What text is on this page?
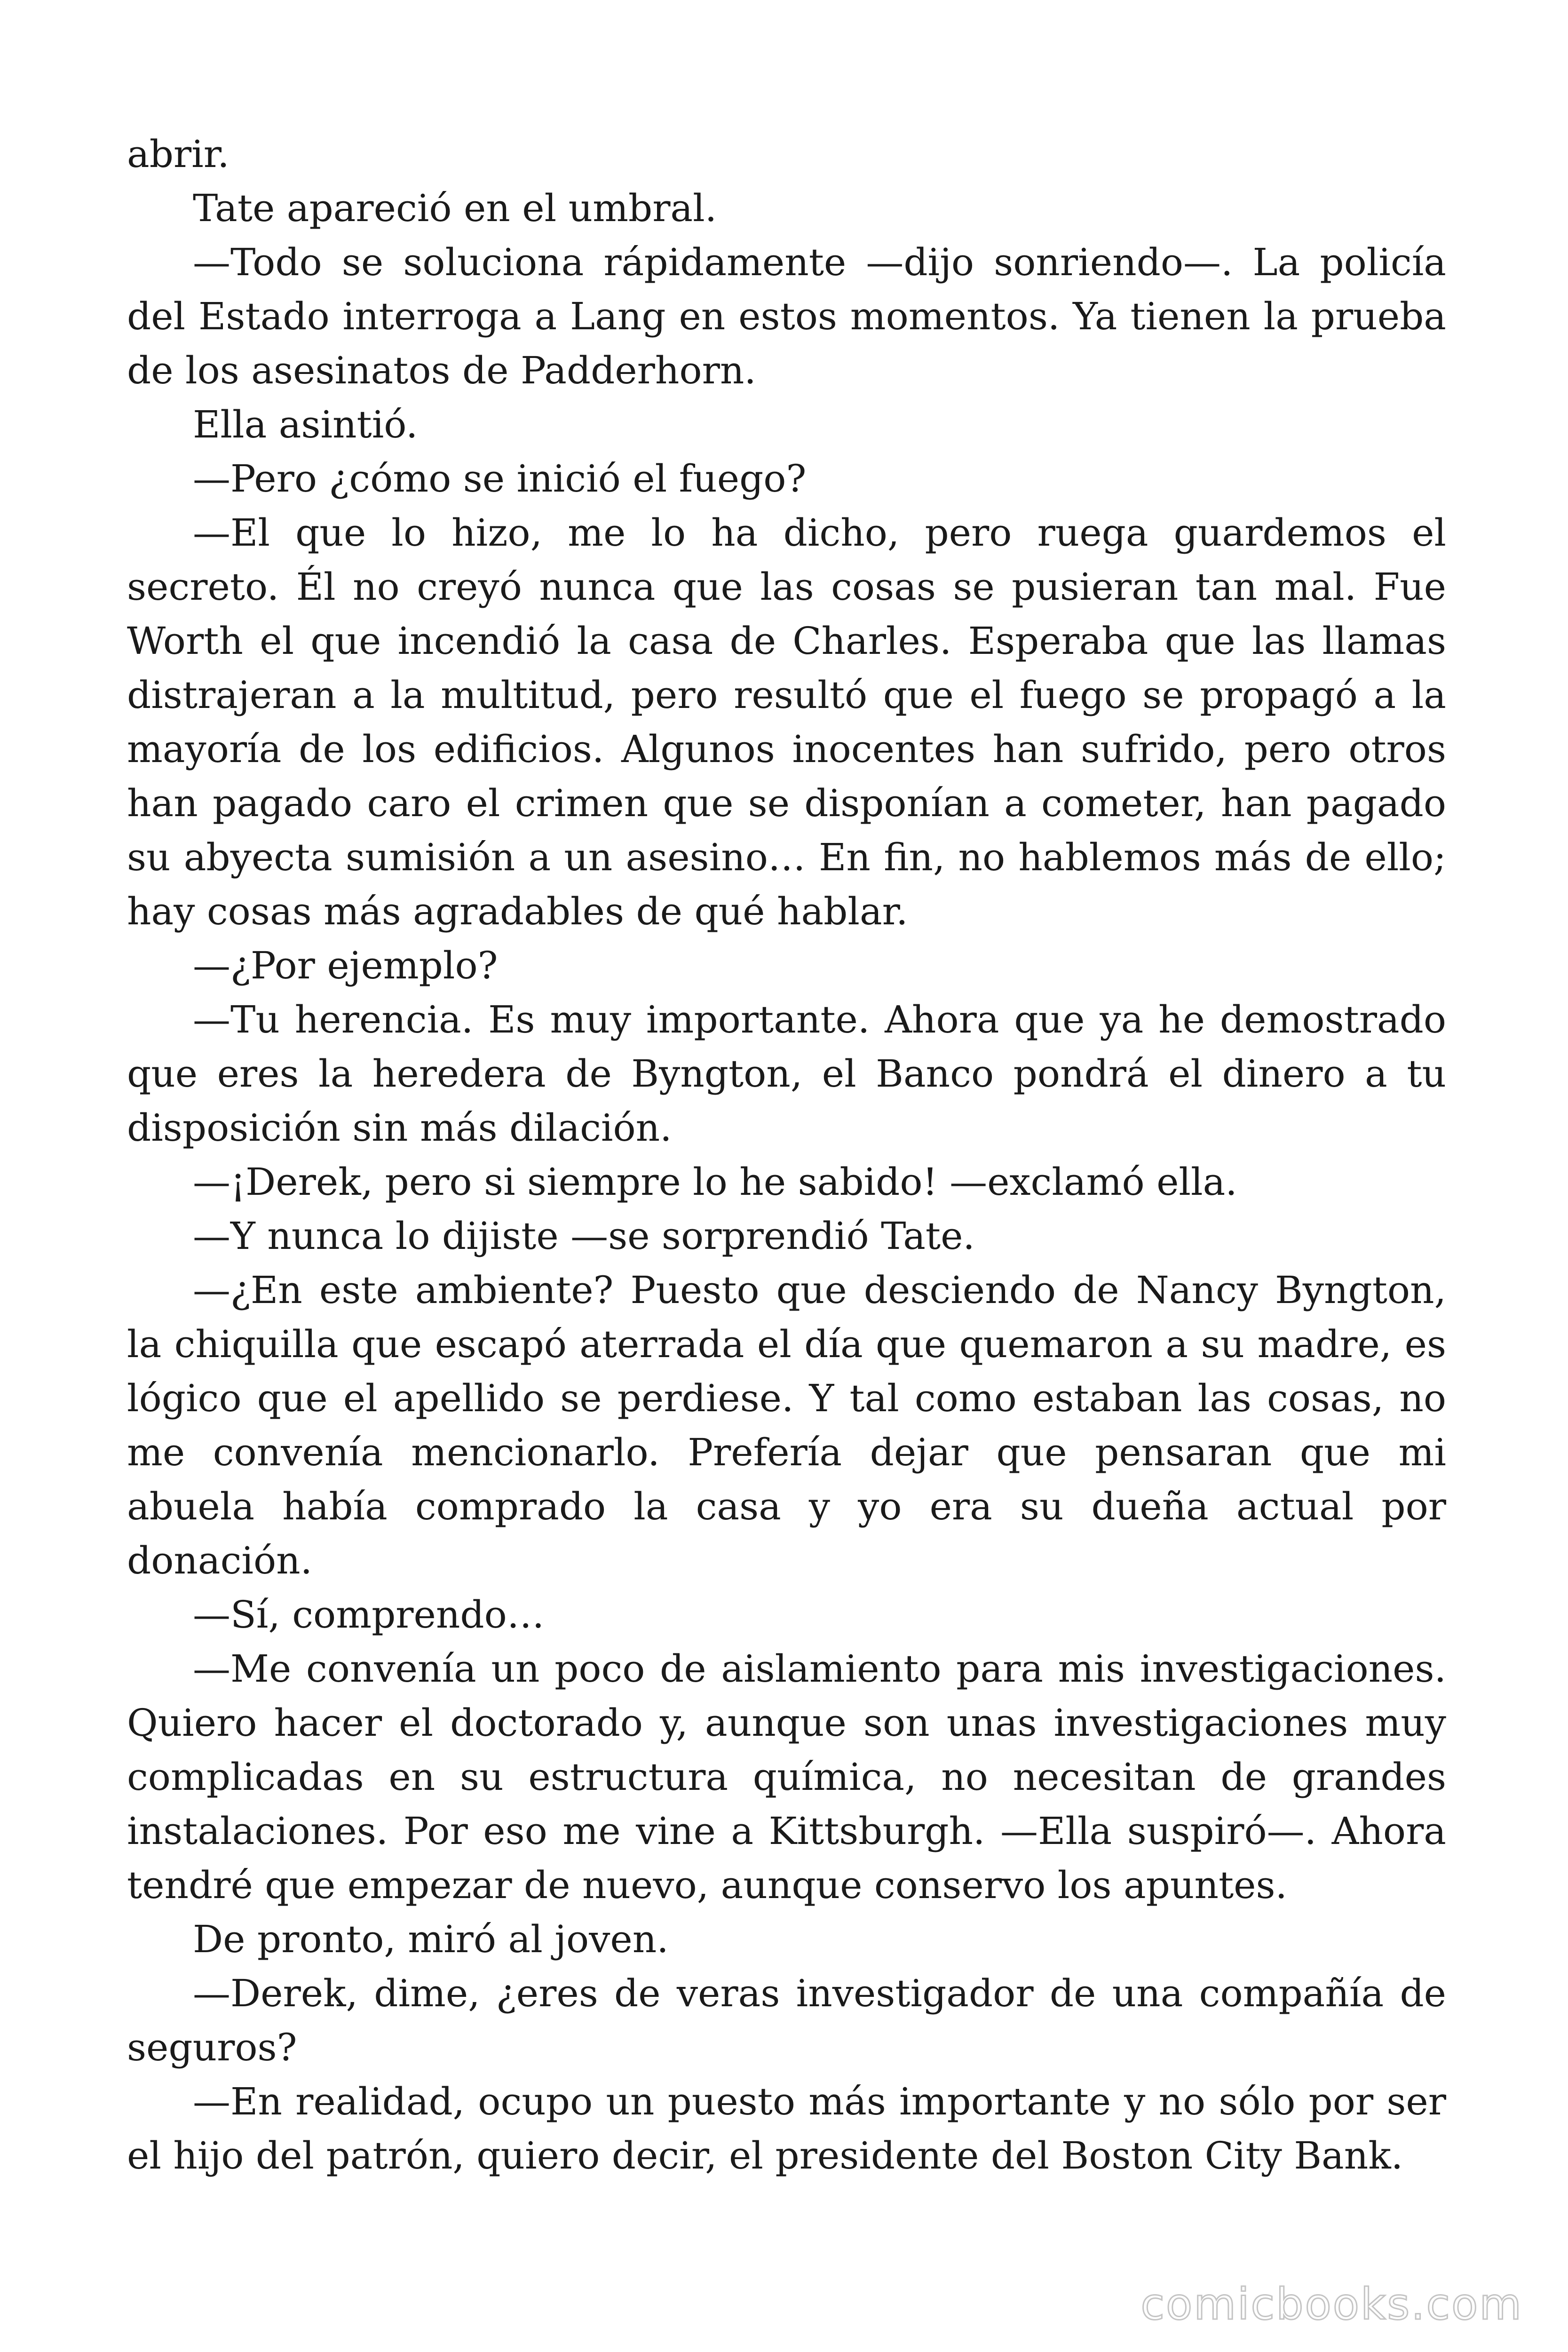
abrir.

Tate apareció en el umbral.

—Todo se soluciona rápidamente —dijo sonriendo—. La policía del Estado interroga a Lang en estos momentos. Ya tienen la prueba de los asesinatos de Padderhorn.

Ella asintió.

—Pero ¿cómo se inició el fuego?

—El que lo hizo, me lo ha dicho, pero ruega guardemos el secreto. Él no creyó nunca que las cosas se pusieran tan mal. Fue Worth el que incendió la casa de Charles. Esperaba que las llamas distrajeran a la multitud, pero resultó que el fuego se propagó a la mayoría de los edificios. Algunos inocentes han sufrido, pero otros han pagado caro el crimen que se disponían a cometer, han pagado su abyecta sumisión a un asesino… En fin, no hablemos más de ello; hay cosas más agradables de qué hablar.

—¿Por ejemplo?

—Tu herencia. Es muy importante. Ahora que ya he demostrado que eres la heredera de Byngton, el Banco pondrá el dinero a tu disposición sin más dilación.

—¡Derek, pero si siempre lo he sabido! —exclamó ella.

—Y nunca lo dijiste —se sorprendió Tate.

—¿En este ambiente? Puesto que desciendo de Nancy Byngton, la chiquilla que escapó aterrada el día que quemaron a su madre, es lógico que el apellido se perdiese. Y tal como estaban las cosas, no me convenía mencionarlo. Prefería dejar que pensaran que mi abuela había comprado la casa y yo era su dueña actual por donación.

—Sí, comprendo…

—Me convenía un poco de aislamiento para mis investigaciones. Quiero hacer el doctorado y, aunque son unas investigaciones muy complicadas en su estructura química, no necesitan de grandes instalaciones. Por eso me vine a Kittsburgh. —Ella suspiró—. Ahora tendré que empezar de nuevo, aunque conservo los apuntes.

De pronto, miró al joven.

—Derek, dime, ¿eres de veras investigador de una compañía de seguros?

—En realidad, ocupo un puesto más importante y no sólo por ser el hijo del patrón, quiero decir, el presidente del Boston City Bank.

comicbooks.com
